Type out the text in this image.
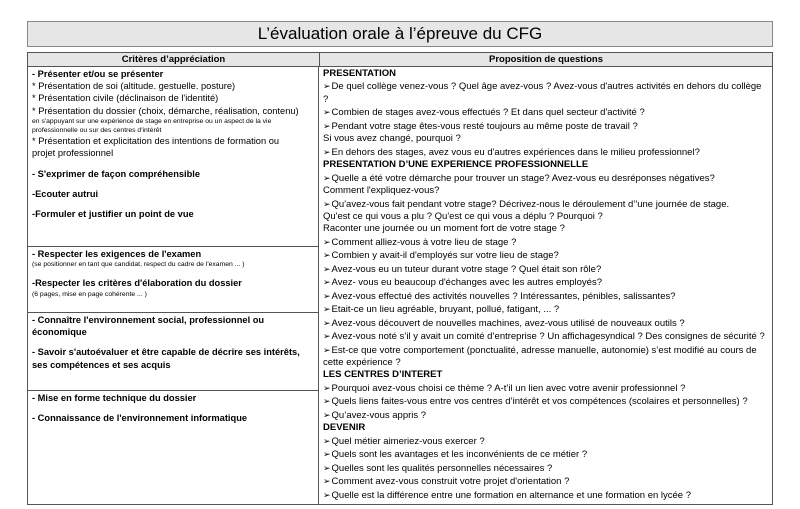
L’évaluation orale à l’épreuve du CFG
Critères d’appréciation	Proposition de questions
- Présenter et/ou se présenter
* Présentation de soi (altitude. gestuelle. posture)
* Présentation civile (déclinaison de l'identité)
* Présentation du dossier (choix, démarche, réalisation, contenu)
en s'appuyant sur une expérience de stage en entreprise ou un aspect de la vie
professionnelle ou sur des centres d'intérêt
* Présentation et explicitation des intentions de formation ou
projet professionnel
- S'exprimer de façon compréhensible
-Ecouter autrui
-Formuler et justifier un point de vue
- Respecter les exigences de l'examen
(se positionner en tant que candidat, respect du cadre de l'examen ... )
-Respecter les critères d'élaboration du dossier
(6 pages, mise en page cohérente ... )
- Connaître l'environnement social, professionnel ou
économique
- Savoir s'autoévaluer et être capable de décrire ses intérêts,
ses compétences et ses acquis
- Mise en forme technique du dossier
- Connaissance de l'environnement informatique
PRESENTATION
➢ De quel collège venez-vous ? Quel âge avez-vous ? Avez-vous d'autres activités en dehors du collège ?
➢ Combien de stages avez-vous effectués ? Et dans quel secteur d'activité ?
➢ Pendant votre stage êtes-vous resté toujours au même poste de travail ?
Si vous avez changé, pourquoi ?
➢ En dehors des stages, avez vous eu d'autres expériences dans le milieu professionnel?
PRESENTATION D’UNE EXPERIENCE PROFESSIONNELLE
➢ Quelle a été votre démarche pour trouver un stage? Avez-vous eu desréponses négatives?
Comment l'expliquez-vous?
➢ Qu'avez-vous fait pendant votre stage? Décrivez-nous le déroulement d’'une journée de stage.
Qu'est ce qui vous a plu ? Qu'est ce qui vous a déplu ? Pourquoi ?
Raconter une journée ou un moment fort de votre stage ?
➢ Comment alliez-vous à votre lieu de stage ?
➢ Combien y avait-il d'employés sur votre lieu de stage?
➢ Avez-vous eu un tuteur durant votre stage ? Quel était son rôle?
➢ Avez- vous eu beaucoup d'échanges avec les autres employés?
➢ Avez-vous effectué des activités nouvelles ? Intéressantes, pénibles, salissantes?
➢ Etait-ce un lieu agréable, bruyant, pollué, fatigant, ... ?
➢ Avez-vous découvert de nouvelles machines, avez-vous utilisé de nouveaux outils ?
➢ Avez-vous noté s’il y avait un comité d’entreprise ? Un affichagesyndical ? Des consignes de sécurité ?
➢ Est-ce que votre comportement (ponctualité, adresse manuelle, autonomie) s’est modifié au cours de
cette expérience ?
LES CENTRES D’INTERET
➢ Pourquoi avez-vous choisi ce thème ? A-t’il un lien avec votre avenir professionnel ?
➢ Quels liens faites-vous entre vos centres d’intérêt et vos compétences (scolaires et personnelles) ?
➢ Qu’avez-vous appris ?
DEVENIR
➢ Quel métier aimeriez-vous exercer ?
➢ Quels sont les avantages et les inconvénients de ce métier ?
➢ Quelles sont les qualités personnelles nécessaires ?
➢ Comment avez-vous construit votre projet d'orientation ?
➢ Quelle est la différence entre une formation en alternance et une formation en lycée ?
